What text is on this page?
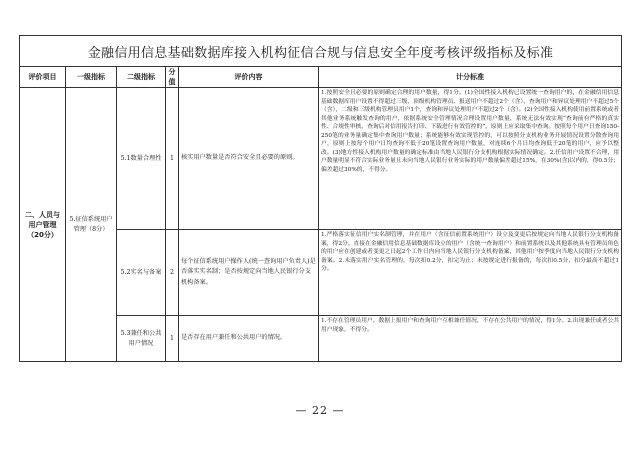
金融信用信息基础数据库接入机构征信合规与信息安全年度考核评级指标及标准					
评价项目	一级指标	二级指标	分值	评价内容	计分标准
二、人员与用户管理（20分）	5.征信系统用户管理（8分）	5.1数量合理性	1	核实用户数量是否符合安全且必要的原则。	1.按照安全且必要的原则确定合理的用户数量，得1分。(1)全国性接入机构已设置统一查询用户的，在金融信用信息基础数据库用户设置不得超过三级，顶级机构管理员、报送用户不超过2个（含）、查询用户和异议处理用户不超过5个（含），二级和三级机构管理员用户1个，查询和异议处理用户不超过2个（含）。(2)全国性接入机构使用前置系统或者其他业务系统触发查询的用户，依据系统安全管理情况合理设置用户数量，系统无法有效实现“查询前有严格的真实性、合规性审核，查询后对信用报告打印、下载进行有效管控的”，原则上应采取集中查询。按照每个用户日查询150-250笔的业务量确定集中查询用户数量；系统能够有效实现管控的，可以按照分支机构业务开展情况设置分散查询用户，原则上按每个用户日均查询不低于20笔设置查询用户数量，对连续6个月日均查询低于20笔的用户，应予以整改。(3)地方性接入机构用户数量的确定标准由当地人民银行分支机构根据实际情况确定。2.任信用户设置不合理，用户数量明显不符合实际业务量且未向当地人民银行业务实际的用户数量偏差超过15%，在30%(含)以内的，得0.5分；偏差超过30%的，不得分。
		5.2实名与备案	2	每个征信系统用户操作人(统一查询用户负责人)是否落实实名制；是否按规定向当地人民银行分支机构备案。	1.严格落实征信用户实名制管理，并在用户（含征信前置系统用户）设立及变更后按规定向当地人民银行分支机构备案，得2分。直接在金融信用信息基础数据库设立的用户（含统一查询用户）和前置系统以及其他系统具有管理员角色的用户应在创建或者变更之日起2个工作日内向当地人民银行分支机构备案，其他用户按季度向当地人民银行分支机构备案。2.未落实用户实名管理的，每次扣0.2分，扣完为止；未按规定进行报备的，每次扣0.5分，扣分最高不超过1分。
		5.3兼任和公共用户情况	1	是否存在用户兼任和公共用户的情况。	1.不存在管理员用户、数据上报用户和查询用户互相兼任情况，不存在公共用户的情况，得1分。2.出现兼任或者公共用户现象，不得分。
— 22 —
